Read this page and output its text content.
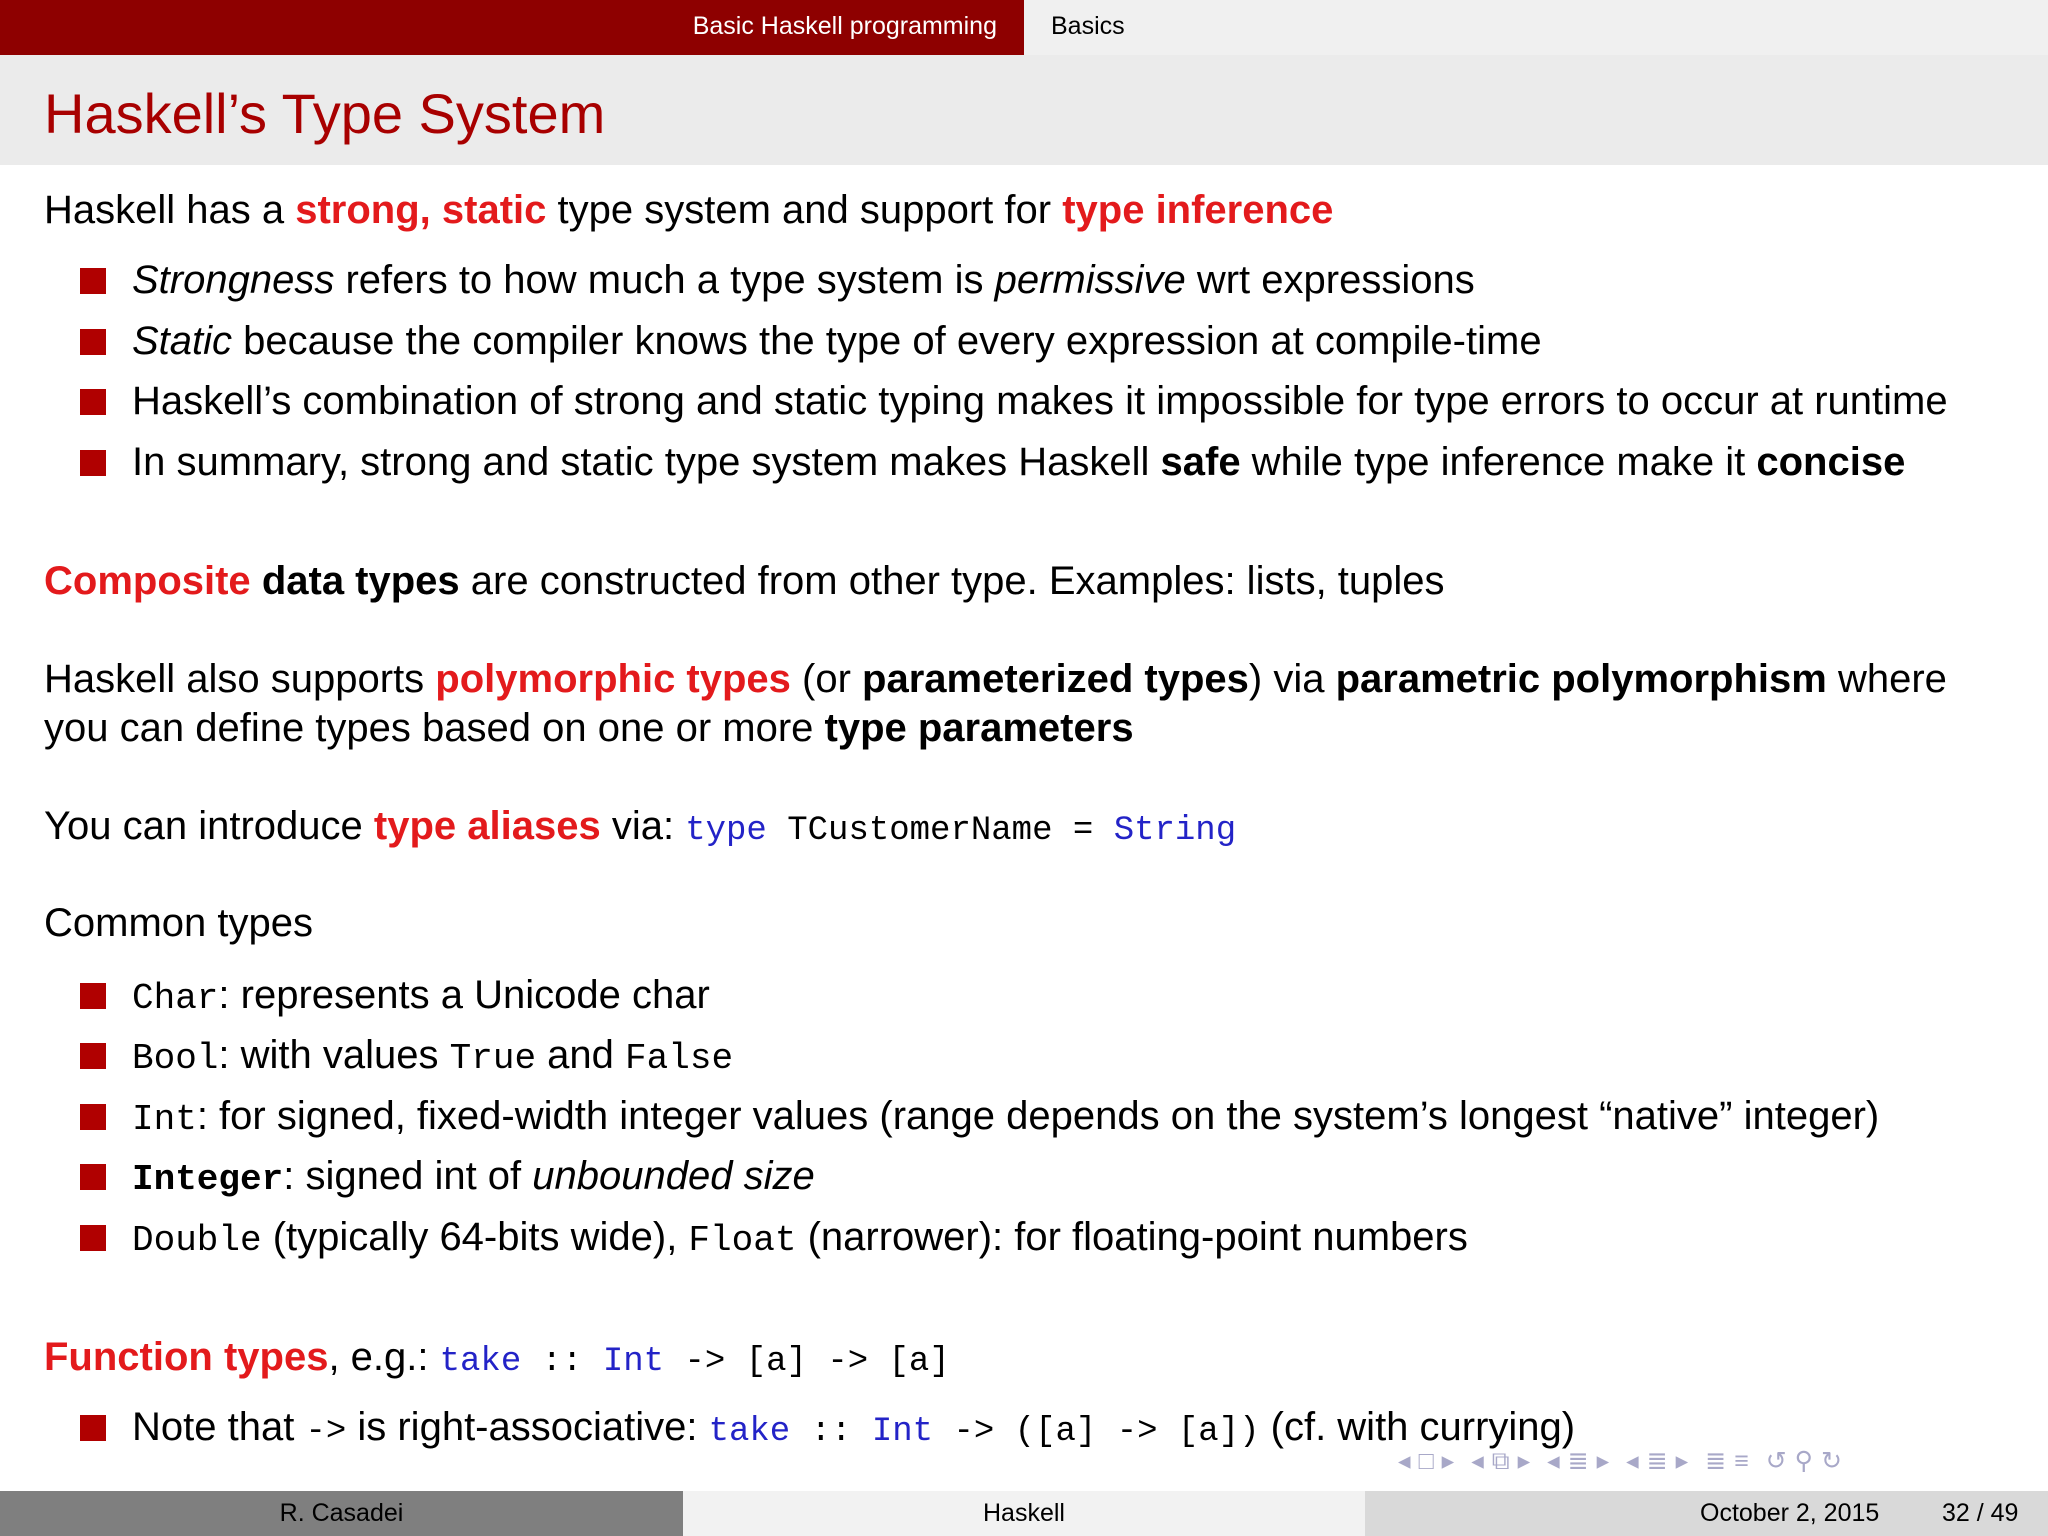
Basic Haskell programming Basics
Haskell’s Type System
Haskell has a strong, static type system and support for type inference
Strongness refers to how much a type system is permissive wrt expressions
Static because the compiler knows the type of every expression at compile-time
Haskell’s combination of strong and static typing makes it impossible for type errors to occur at runtime
In summary, strong and static type system makes Haskell safe while type inference make it concise
Composite data types are constructed from other type. Examples: lists, tuples
Haskell also supports polymorphic types (or parameterized types) via parametric polymorphism where
you can define types based on one or more type parameters
You can introduce type aliases via: type TCustomerName = String
Common types
Char: represents a Unicode char
Bool: with values True and False
Int: for signed, fixed-width integer values (range depends on the system’s longest “native” integer)
Integer: signed int of unbounded size
Double (typically 64-bits wide), Float (narrower): for floating-point numbers
Function types, e.g.: take :: Int -> [a] -> [a]
Note that -> is right-associative: take :: Int -> ([a] -> [a]) (cf. with currying)
◂ □ ▸ ◂ ⧉ ▸ ◂ ≣ ▸ ◂ ≣ ▸ ≣ ≡ ↺ ⚲ ↻
R. Casadei	Haskell	October 2, 2015	32 / 49
